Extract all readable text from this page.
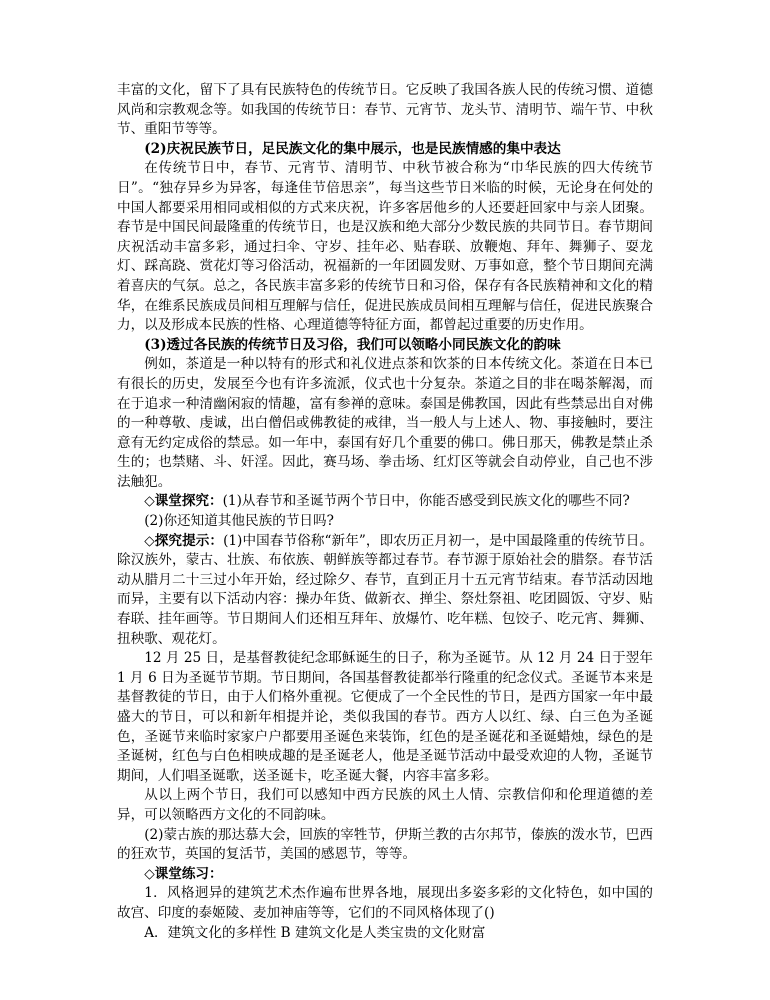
丰富的文化，留下了具有民族特色的传统节日。它反映了我国各族人民的传统习惯、道德风尚和宗教观念等。如我国的传统节日：春节、元宵节、龙头节、清明节、端午节、中秋节、重阳节等等。

(2)庆祝民族节日，足民族文化的集中展示，也是民族情感的集中表达

在传统节日中，春节、元宵节、清明节、中秋节被合称为“巾华民族的四大传统节日”。“独存异乡为异客，每逢佳节倍思亲”，每当这些节日米临的时候，无论身在何处的中国人都要采用相同或相似的方式来庆祝，许多客居他乡的人还要赶回家中与亲人团聚。春节是中国民间最隆重的传统节日，也是汉族和绝大部分少数民族的共同节日。春节期间庆祝活动丰富多彩，通过扫伞、守岁、挂年必、贴春联、放鞭炮、拜年、舞狮子、耍龙灯、踩高跷、赏花灯等习俗活动，祝福新的一年团圆发财、万事如意，整个节日期间充满着喜庆的气氛。总之，各民族丰富多彩的传统节日和习俗，保存有各民族精神和文化的精华，在维系民族成员间相互理解与信任，促进民族成员间相互理解与信任，促进民族聚合力，以及形成本民族的性格、心理道德等特征方面，都曾起过重要的历史作用。

(3)透过各民族的传统节日及习俗，我们可以领略小同民族文化的韵味

例如，茶道是一种以特有的形式和礼仪进点茶和饮茶的日本传统文化。茶道在日本已有很长的历史，发展至今也有许多流派，仪式也十分复杂。茶道之目的非在喝茶解渴，而在于追求一种清幽闲寂的情趣，富有参禅的意味。泰国是佛教国，因此有些禁忌出自对佛的一种尊敬、虔诚，出白僧侣或佛教徒的戒律，当一般人与上述人、物、事接触时，要注意有无约定成俗的禁忌。如一年中，泰国有好几个重要的佛口。佛日那天，佛教是禁止杀生的；也禁赌、斗、奸淫。因此，赛马场、拳击场、红灯区等就会自动停业，自己也不涉法触犯。

◇课堂探究：(1)从春节和圣诞节两个节日中，你能否感受到民族文化的哪些不同?

(2)你还知道其他民族的节日吗?

◇探究提示：(1)中国春节俗称“新年”，即农历正月初一，是中国最隆重的传统节日。除汉族外，蒙古、壮族、布依族、朝鲜族等都过春节。春节源于原始社会的腊祭。春节活动从腊月二十三过小年开始，经过除夕、春节，直到正月十五元宵节结束。春节活动因地而异，主要有以下活动内容：操办年货、做新衣、掸尘、祭灶祭祖、吃团圆饭、守岁、贴春联、挂年画等。节日期间人们还相互拜年、放爆竹、吃年糕、包饺子、吃元宵、舞狮、扭秧歌、观花灯。

12 月 25 日，是基督教徒纪念耶稣诞生的日子，称为圣诞节。从 12 月 24 日于翌年 1 月 6 日为圣诞节节期。节日期间，各国基督教徒都举行隆重的纪念仪式。圣诞节本来是基督教徒的节日，由于人们格外重视。它便成了一个全民性的节日，是西方国家一年中最盛大的节日，可以和新年相提并论，类似我国的春节。西方人以红、绿、白三色为圣诞色，圣诞节来临时家家户户都要用圣诞色来装饰，红色的是圣诞花和圣诞蜡烛，绿色的是圣诞树，红色与白色相映成趣的是圣诞老人，他是圣诞节活动中最受欢迎的人物，圣诞节期间，人们唱圣诞歌，送圣诞卡，吃圣诞大餐，内容丰富多彩。

从以上两个节日，我们可以感知中西方民族的风土人情、宗教信仰和伦理道德的差异，可以领略西方文化的不同韵味。

(2)蒙古族的那达慕大会，回族的宰牲节，伊斯兰教的古尔邦节，傣族的泼水节，巴西的狂欢节，英国的复活节，美国的感恩节，等等。

◇课堂练习：

1．风格迥异的建筑艺术杰作遍布世界各地，展现出多姿多彩的文化特色，如中国的故宫、印度的泰姬陵、麦加神庙等等，它们的不同风格体现了()

A．建筑文化的多样性 B 建筑文化是人类宝贵的文化财富
